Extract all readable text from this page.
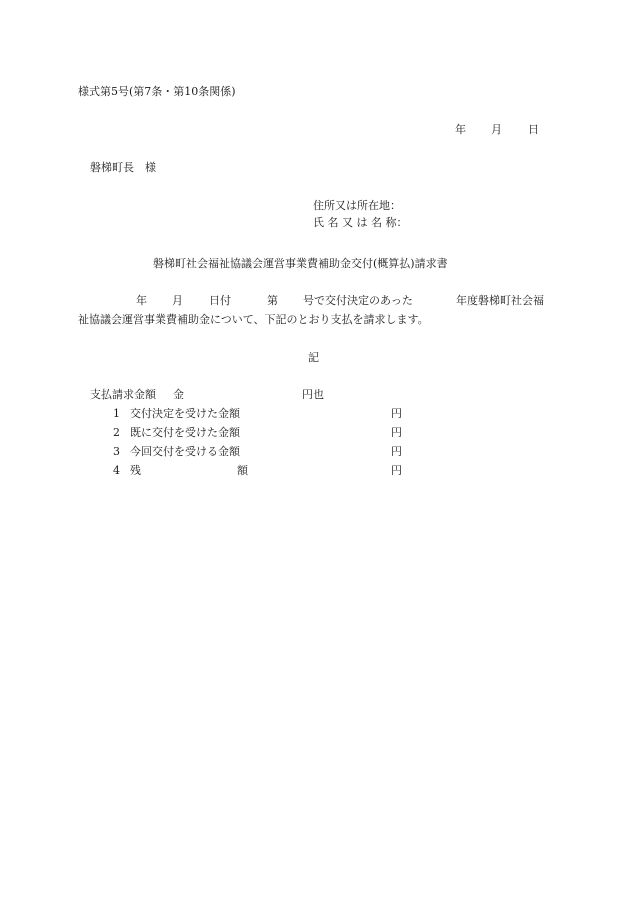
様式第5号(第7条・第10条関係)
年 月 日
磐梯町長　様
住所又は所在地：
氏 名 又 は 名 称：
磐梯町社会福祉協議会運営事業費補助金交付(概算払)請求書
年 月 日付	第 号で交付決定のあった	年度磐梯町社会福
祉協議会運営事業費補助金について、下記のとおり支払を請求します。
記
支払請求金額 金	円也
1 交付決定を受けた金額	円
2 既に交付を受けた金額	円
3 今回交付を受ける金額	円
4 残	額	円
